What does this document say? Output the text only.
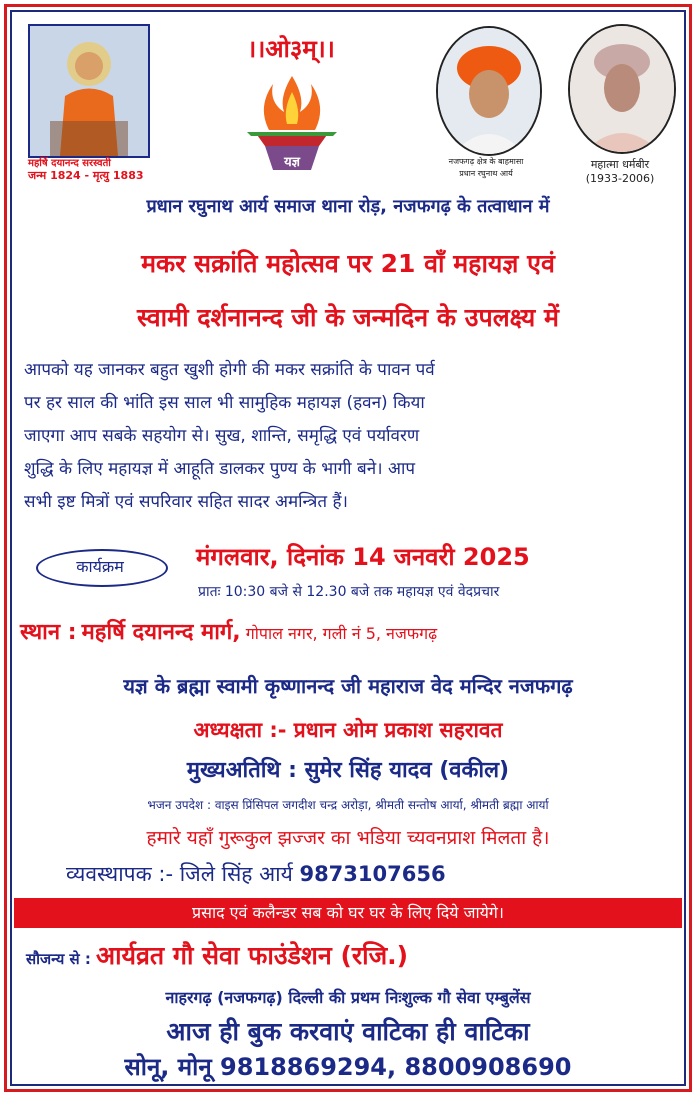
महर्षि दयानन्द सरस्वती
जन्म 1824 - मृत्यु 1883
।।ओ३म्।।
यज्ञ	नजफगढ़ क्षेत्र के बाहमासा
प्रधान रघुनाथ आर्य
महात्मा धर्मबीर
(1933-2006)
प्रधान रघुनाथ आर्य समाज थाना रोड़, नजफगढ़ के तत्वाधान में
मकर सक्रांति महोत्सव पर 21 वाँ महायज्ञ एवं
स्वामी दर्शनानन्द जी के जन्मदिन के उपलक्ष्य में
आपको यह जानकर बहुत खुशी होगी की मकर सक्रांति के पावन पर्व
पर हर साल की भांति इस साल भी सामुहिक महायज्ञ (हवन) किया
जाएगा आप सबके सहयोग से। सुख, शान्ति, समृद्धि एवं पर्यावरण
शुद्धि के लिए महायज्ञ में आहूति डालकर पुण्य के भागी बने। आप
सभी इष्ट मित्रों एवं सपरिवार सहित सादर अमन्त्रित हैं।
कार्यक्रम	मंगलवार, दिनांक 14 जनवरी 2025
प्रातः 10:30 बजे से 12.30 बजे तक महायज्ञ एवं वेदप्रचार
स्थान : महर्षि दयानन्द मार्ग, गोपाल नगर, गली नं 5, नजफगढ़
यज्ञ के ब्रह्मा स्वामी कृष्णानन्द जी महाराज वेद मन्दिर नजफगढ़
अध्यक्षता :- प्रधान ओम प्रकाश सहरावत
मुख्यअतिथि : सुमेर सिंह यादव (वकील)
भजन उपदेश : वाइस प्रिंसिपल जगदीश चन्द्र अरोड़ा, श्रीमती सन्तोष आर्या, श्रीमती ब्रह्मा आर्या
हमारे यहाँ गुरूकुल झज्जर का भडिया च्यवनप्राश मिलता है।
व्यवस्थापक :- जिले सिंह आर्य 9873107656
प्रसाद एवं कलैन्डर सब को घर घर के लिए दिये जायेगे।
सौजन्य से : आर्यव्रत गौ सेवा फाउंडेशन (रजि.)
नाहरगढ़ (नजफगढ़) दिल्ली की प्रथम निःशुल्क गौ सेवा एम्बुलेंस
आज ही बुक करवाएं वाटिका ही वाटिका
सोनू, मोनू 9818869294, 8800908690
